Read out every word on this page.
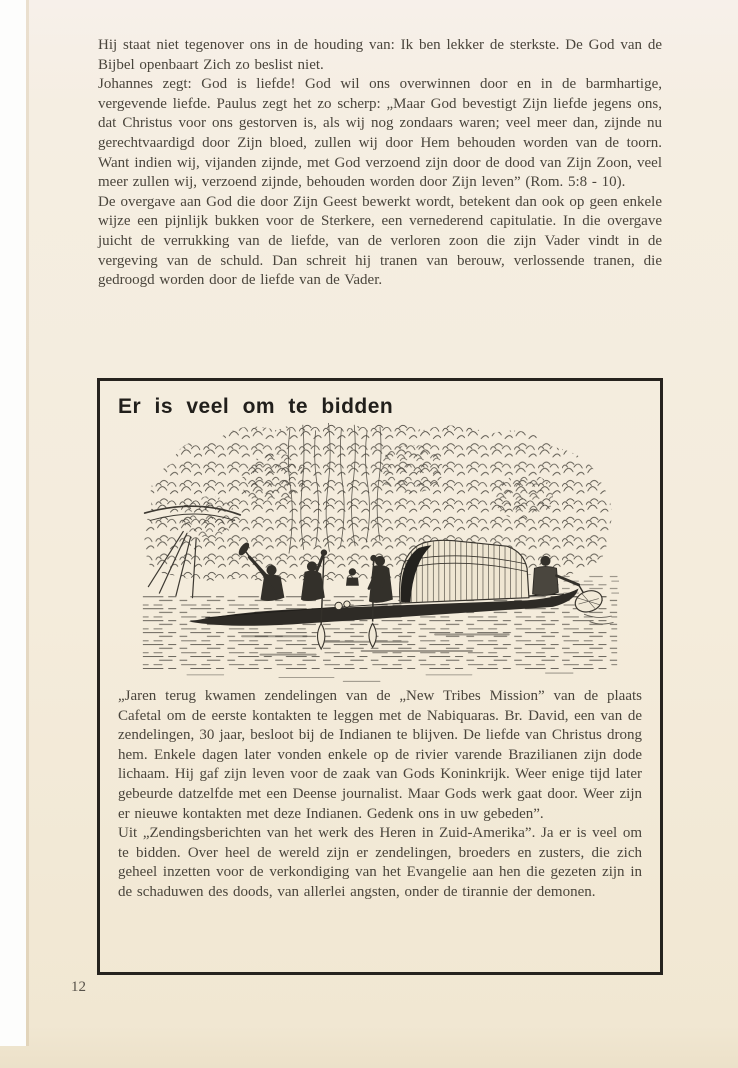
Hij staat niet tegenover ons in de houding van: Ik ben lekker de sterkste. De God van de Bijbel openbaart Zich zo beslist niet.

Johannes zegt: God is liefde! God wil ons overwinnen door en in de barmhartige, vergevende liefde. Paulus zegt het zo scherp: „Maar God bevestigt Zijn liefde jegens ons, dat Christus voor ons gestorven is, als wij nog zondaars waren; veel meer dan, zijnde nu gerechtvaardigd door Zijn bloed, zullen wij door Hem behouden worden van de toorn. Want indien wij, vijanden zijnde, met God verzoend zijn door de dood van Zijn Zoon, veel meer zullen wij, verzoend zijnde, behouden worden door Zijn leven” (Rom. 5:8 - 10).

De overgave aan God die door Zijn Geest bewerkt wordt, betekent dan ook op geen enkele wijze een pijnlijk bukken voor de Sterkere, een vernederend capitulatie. In die overgave juicht de verrukking van de liefde, van de verloren zoon die zijn Vader vindt in de vergeving van de schuld. Dan schreit hij tranen van berouw, verlossende tranen, die gedroogd worden door de liefde van de Vader.

Er is veel om te bidden

„Jaren terug kwamen zendelingen van de „New Tribes Mission” van de plaats Cafetal om de eerste kontakten te leggen met de Nabiquaras. Br. David, een van de zendelingen, 30 jaar, besloot bij de Indianen te blijven. De liefde van Christus drong hem. Enkele dagen later vonden enkele op de rivier varende Brazilianen zijn dode lichaam. Hij gaf zijn leven voor de zaak van Gods Koninkrijk. Weer enige tijd later gebeurde datzelfde met een Deense journalist. Maar Gods werk gaat door. Weer zijn er nieuwe kontakten met deze Indianen. Gedenk ons in uw gebeden”.

Uit „Zendingsberichten van het werk des Heren in Zuid-Amerika”. Ja er is veel om te bidden. Over heel de wereld zijn er zendelingen, broeders en zusters, die zich geheel inzetten voor de verkondiging van het Evangelie aan hen die gezeten zijn in de schaduwen des doods, van allerlei angsten, onder de tirannie der demonen.

12
